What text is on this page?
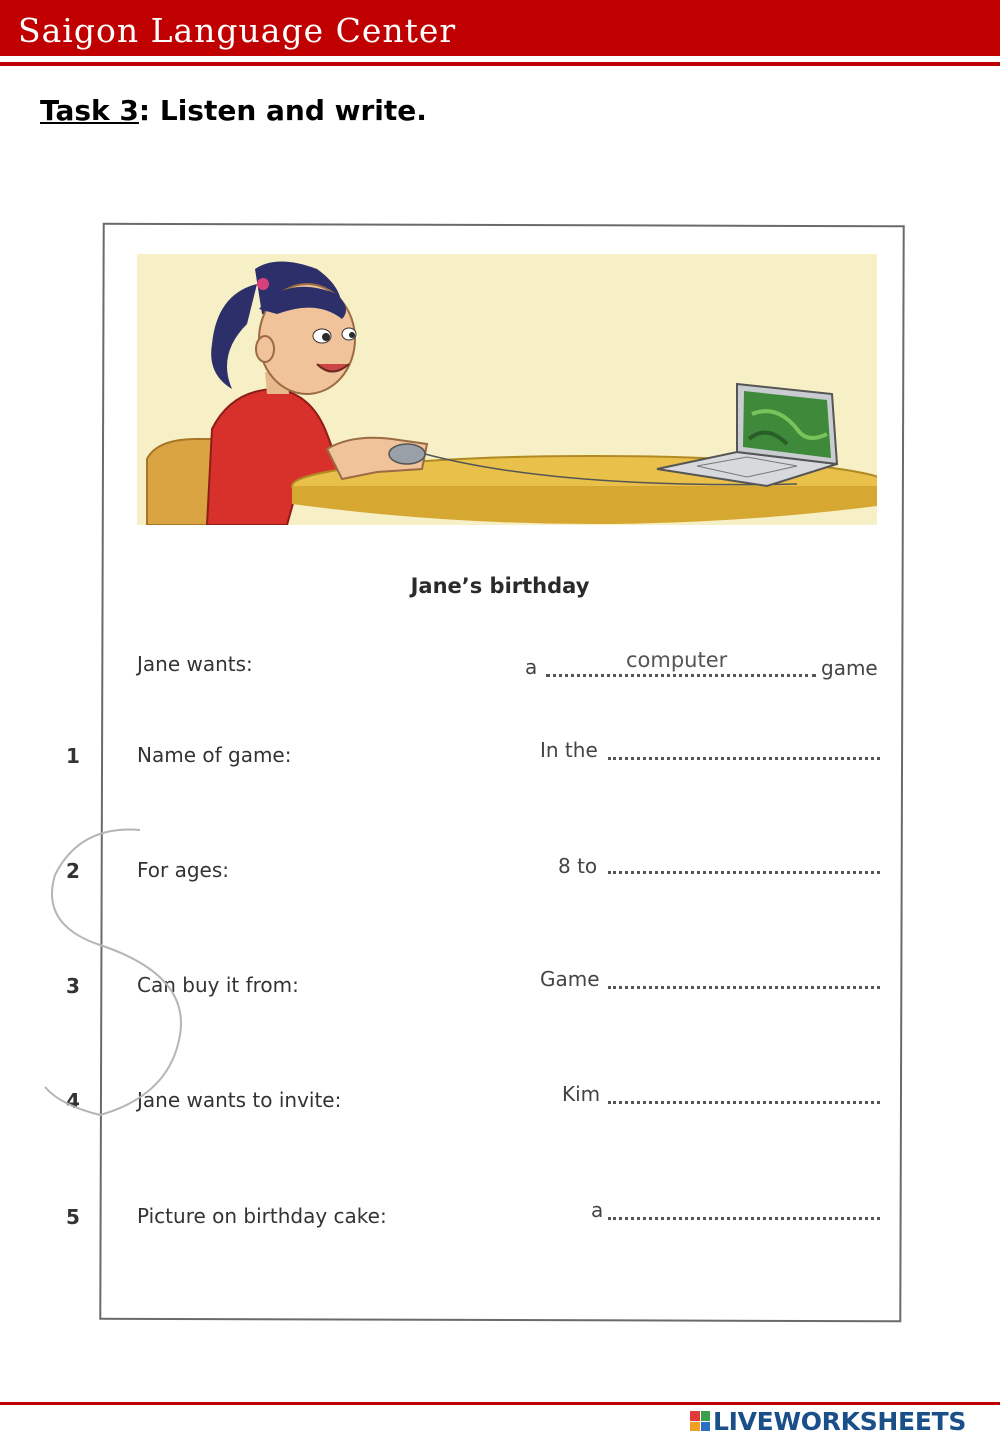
Saigon Language Center
Task 3: Listen and write.
Jane’s birthday
Jane wants:	a	computer	game
1	Name of game:	In the
2	For ages:	8 to
3	Can buy it from:	Game
4	Jane wants to invite:	Kim
5	Picture on birthday cake:	a
LIVEWORKSHEETS
